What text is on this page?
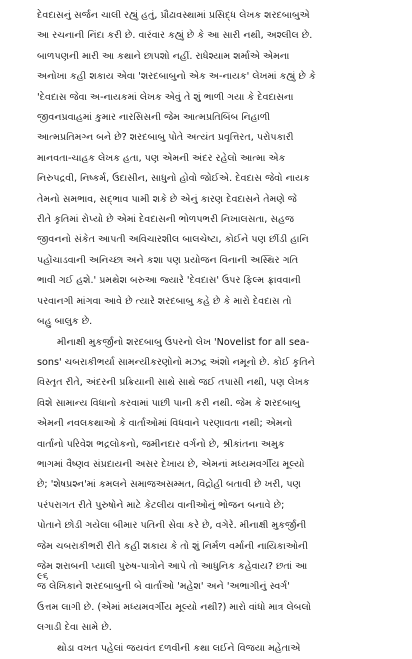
દેવદાસનું સર્જન ચાલી રહ્યું હતું, પ્રૌઢાવસ્થામાં પ્રસિદ્ધ લેખક શરદબાબુએ

આ રચનાની નિંદા કરી છે. વારંવાર કહ્યું છે કે આ સારી નથી, અશ્લીલ છે.

બાળપણની મારી આ કથાને છાપશો નહીં. રાધેશ્યામ શર્માએ એમના

અનોખા કહી શકાય એવા 'શરદબાબુનો એક અ-નાયક' લેખમાં કહ્યું છે કે

'દેવદાસ જેવા અ-નાયકમાં લેખક એવું તે શું ભાળી ગયા કે દેવદાસના

જીવનપ્રવાહમાં કુમાર નારસિસની જેમ આત્મપ્રતિબિંબ નિહાળી

આત્મપ્રતિમગ્ન બને છે? શરદબાબુ પોતે અત્યંત પ્રવૃત્તિરત, પરોપકારી

માનવતા-ચાહક લેખક હતા, પણ એમની અંદર રહેલો આત્મા એક

નિરુપદ્રવી, નિષ્કર્મ, ઉદાસીન, સાધુનો હોવો જોઈએ. દેવદાસ જેવો નાયક

તેમનો સમભાવ, સદ્ભાવ પામી શકે છે એનું કારણ દેવદાસને તેમણે જે

રીતે કૃતિમાં રોપ્યો છે એમાં દેવદાસની ભોળપભરી નિખાલસતા, સહજ

જીવનનો સંકેત આપતી અવિચારશીલ બાલચેષ્ટા, કોઈને પણ છીંડી હાનિ

પહોંચાડવાની અનિચ્છા અને કશા પણ પ્રયોજન વિનાની અસ્થિર ગતિ

ભાવી ગઈ હશે.' પ્રમથેશ બરુઆ જ્યારે 'દેવદાસ' ઉપર ફિલ્મ ફ્રાવવાની

પરવાનગી માંગવા આવે છે ત્યારે શરદબાબુ કહે છે કે મારો દેવદાસ તો

બહુ બાલુક છે.

મીનાક્ષી મુકર્જીનો શરદબાબુ ઉપરનો લેખ 'Novelist for all sea-

sons' ચબરાકીભર્યા સામન્યીકરણોનો મઝદ્ર અંશો નમૂનો છે. કોઈ કૃતિને

વિસ્તૃત રીતે, અંદરની પ્રક્રિયાની સાથે સાથે જઈ તપાસી નથી, પણ લેખક

વિશે સામાન્ય વિધાનો કરવામાં પાછી પાની કરી નથી. જેમ કે શરદબાબુ

એમની નવલકથાઓ કે વાર્તાઓમાં વિધવાને પરણાવતા નથી; એમનો

વાર્તાનો પરિવેશ ભદ્રલોકનો, જમીનદાર વર્ગનો છે, શ્રીકાંતના અમુક

ભાગમાં વૈષ્ણવ સંપ્રદાયની અસર દેખાય છે, એમનાં મધ્યમવર્ગીય મૂલ્યો

છે; 'શેષપ્રશ્ન'માં કમલને સમાજઅસમ્મત, વિદ્રોહી બતાવી છે ખરી, પણ

પરંપરાગત રીતે પુરુષોને માટે કેટલીય વાનીઓનું ભોજન બનાવે છે;

પોતાને છોડી ગયેલા બીમાર પતિની સેવા કરે છે, વગેરે. મીનાક્ષી મુકર્જીની

જેમ ચબરાકીભરી રીતે કહી શકાય કે તો શું નિર્મળ વર્માની નાયિકાઓની

જેમ શરાબની પ્યાલી પુરુષ-પાત્રોને આપે તો આધુનિક કહેવાય? છતાં આ

જ લેખિકાને શરદબાબુની બે વાર્તાઓ 'મહેશ' અને 'અભાગીનું સ્વર્ગ'

ઉત્તમ લાગી છે. (એમાં મધ્યમવર્ગીય મૂલ્યો નથી?) મારો વાંધો માત્ર લેબલો

લગાડી દેવા સામે છે.

થોડા વખત પહેલાં જયવંત દળવીની કથા લઈને વિજયા મહેતાએ

૯૬
